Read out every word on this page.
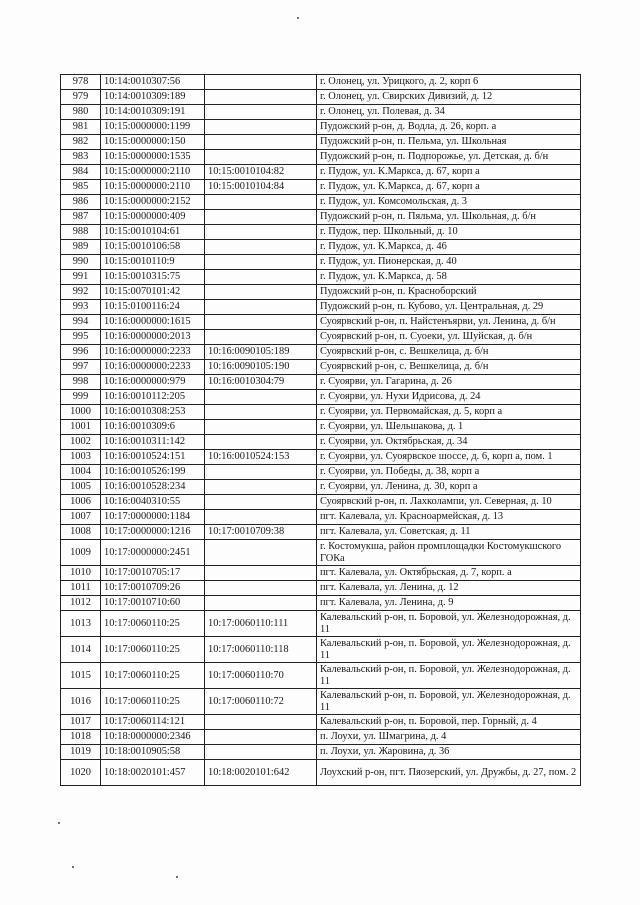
978	10:14:0010307:56		г. Олонец, ул. Урицкого, д. 2, корп 6
979	10:14:0010309:189		г. Олонец, ул. Свирских Дивизий, д. 12
980	10:14:0010309:191		г. Олонец, ул. Полевая, д. 34
981	10:15:0000000:1199		Пудожский р-он, д. Водла, д. 26, корп. а
982	10:15:0000000:150		Пудожский р-он, п. Пельма, ул. Школьная
983	10:15:0000000:1535		Пудожский р-он, п. Подпорожье, ул. Детская, д. б/н
984	10:15:0000000:2110	10:15:0010104:82	г. Пудож, ул. К.Маркса, д. 67, корп а
985	10:15:0000000:2110	10:15:0010104:84	г. Пудож, ул. К.Маркса, д. 67, корп а
986	10:15:0000000:2152		г. Пудож, ул. Комсомольская, д. 3
987	10:15:0000000:409		Пудожский р-он, п. Пяльма, ул. Школьная, д. б/н
988	10:15:0010104:61		г. Пудож, пер. Школьный, д. 10
989	10:15:0010106:58		г. Пудож, ул. К.Маркса, д. 46
990	10:15:0010110:9		г. Пудож, ул. Пионерская, д. 40
991	10:15:0010315:75		г. Пудож, ул. К.Маркса, д. 58
992	10:15:0070101:42		Пудожский р-он, п. Красноборский
993	10:15:0100116:24		Пудожский р-он, п. Кубово, ул. Центральная, д. 29
994	10:16:0000000:1615		Суоярвский р-он, п. Найстенъярви, ул. Ленина, д. б/н
995	10:16:0000000:2013		Суоярвский р-он, п. Суоеки, ул. Шуйская, д. б/н
996	10:16:0000000:2233	10:16:0090105:189	Суоярвский р-он, с. Вешкелица, д. б/н
997	10:16:0000000:2233	10:16:0090105:190	Суоярвский р-он, с. Вешкелица, д. б/н
998	10:16:0000000:979	10:16:0010304:79	г. Суоярви, ул. Гагарина, д. 26
999	10:16:0010112:205		г. Суоярви, ул. Нухи Идрисова, д. 24
1000	10:16:0010308:253		г. Суоярви, ул. Первомайская, д. 5, корп а
1001	10:16:0010309:6		г. Суоярви, ул. Шельшакова, д. 1
1002	10:16:0010311:142		г. Суоярви, ул. Октябрьская, д. 34
1003	10:16:0010524:151	10:16:0010524:153	г. Суоярви, ул. Суоярвское шоссе, д. 6, корп а, пом. 1
1004	10:16:0010526:199		г. Суоярви, ул. Победы, д. 38, корп а
1005	10:16:0010528:234		г. Суоярви, ул. Ленина, д. 30, корп а
1006	10:16:0040310:55		Суоярвский р-он, п. Лахколампи, ул. Северная, д. 10
1007	10:17:0000000:1184		пгт. Калевала, ул. Красноармейская, д. 13
1008	10:17:0000000:1216	10:17:0010709:38	пгт. Калевала, ул. Советская, д. 11
1009	10:17:0000000:2451		г. Костомукша, район промплощадки Костомукшского ГОКа
1010	10:17:0010705:17		пгт. Калевала, ул. Октябрьская, д. 7, корп. а
1011	10:17:0010709:26		пгт. Калевала, ул. Ленина, д. 12
1012	10:17:0010710:60		пгт. Калевала, ул. Ленина, д. 9
1013	10:17:0060110:25	10:17:0060110:111	Калевальский р-он, п. Боровой, ул. Железнодорожная, д. 11
1014	10:17:0060110:25	10:17:0060110:118	Калевальский р-он, п. Боровой, ул. Железнодорожная, д. 11
1015	10:17:0060110:25	10:17:0060110:70	Калевальский р-он, п. Боровой, ул. Железнодорожная, д. 11
1016	10:17:0060110:25	10:17:0060110:72	Калевальский р-он, п. Боровой, ул. Железнодорожная, д. 11
1017	10:17:0060114:121		Калевальский р-он, п. Боровой, пер. Горный, д. 4
1018	10:18:0000000:2346		п. Лоухи, ул. Шмагрина, д. 4
1019	10:18:0010905:58		п. Лоухи, ул. Жаровина, д. 36
1020	10:18:0020101:457	10:18:0020101:642	Лоухский р-он, пгт. Пяозерский, ул. Дружбы, д. 27, пом. 2
